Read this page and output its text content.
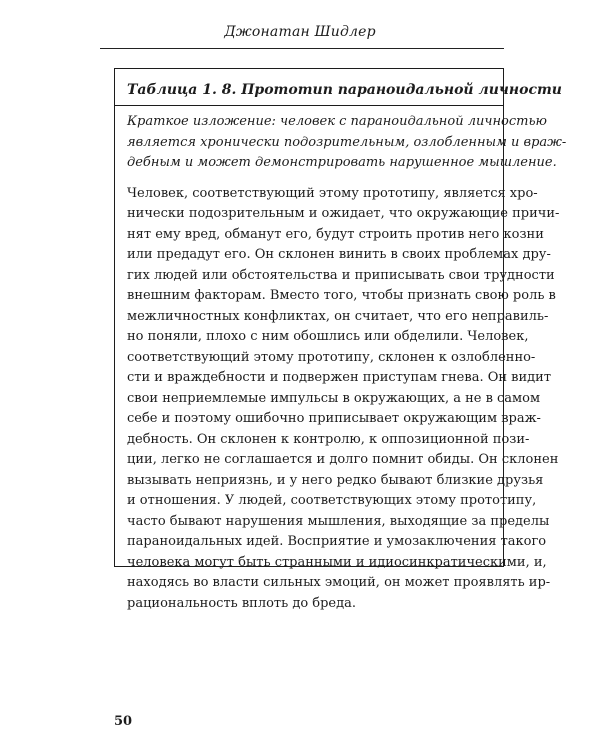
Джонатан Шидлер
Таблица 1. 8. Прототип параноидальной личности
Краткое изложение: человек с параноидальной личностью
является хронически подозрительным, озлобленным и враж-
дебным и может демонстрировать нарушенное мышление.
Человек, соответствующий этому прототипу, является хро-
нически подозрительным и ожидает, что окружающие причи-
нят ему вред, обманут его, будут строить против него козни
или предадут его. Он склонен винить в своих проблемах дру-
гих людей или обстоятельства и приписывать свои трудности
внешним факторам. Вместо того, чтобы признать свою роль в
межличностных конфликтах, он считает, что его неправиль-
но поняли, плохо с ним обошлись или обделили. Человек,
соответствующий этому прототипу, склонен к озлобленно-
сти и враждебности и подвержен приступам гнева. Он видит
свои неприемлемые импульсы в окружающих, а не в самом
себе и поэтому ошибочно приписывает окружающим враж-
дебность. Он склонен к контролю, к оппозиционной пози-
ции, легко не соглашается и долго помнит обиды. Он склонен
вызывать неприязнь, и у него редко бывают близкие друзья
и отношения. У людей, соответствующих этому прототипу,
часто бывают нарушения мышления, выходящие за пределы
параноидальных идей. Восприятие и умозаключения такого
человека могут быть странными и идиосинкратическими, и,
находясь во власти сильных эмоций, он может проявлять ир-
рациональность вплоть до бреда.
50
